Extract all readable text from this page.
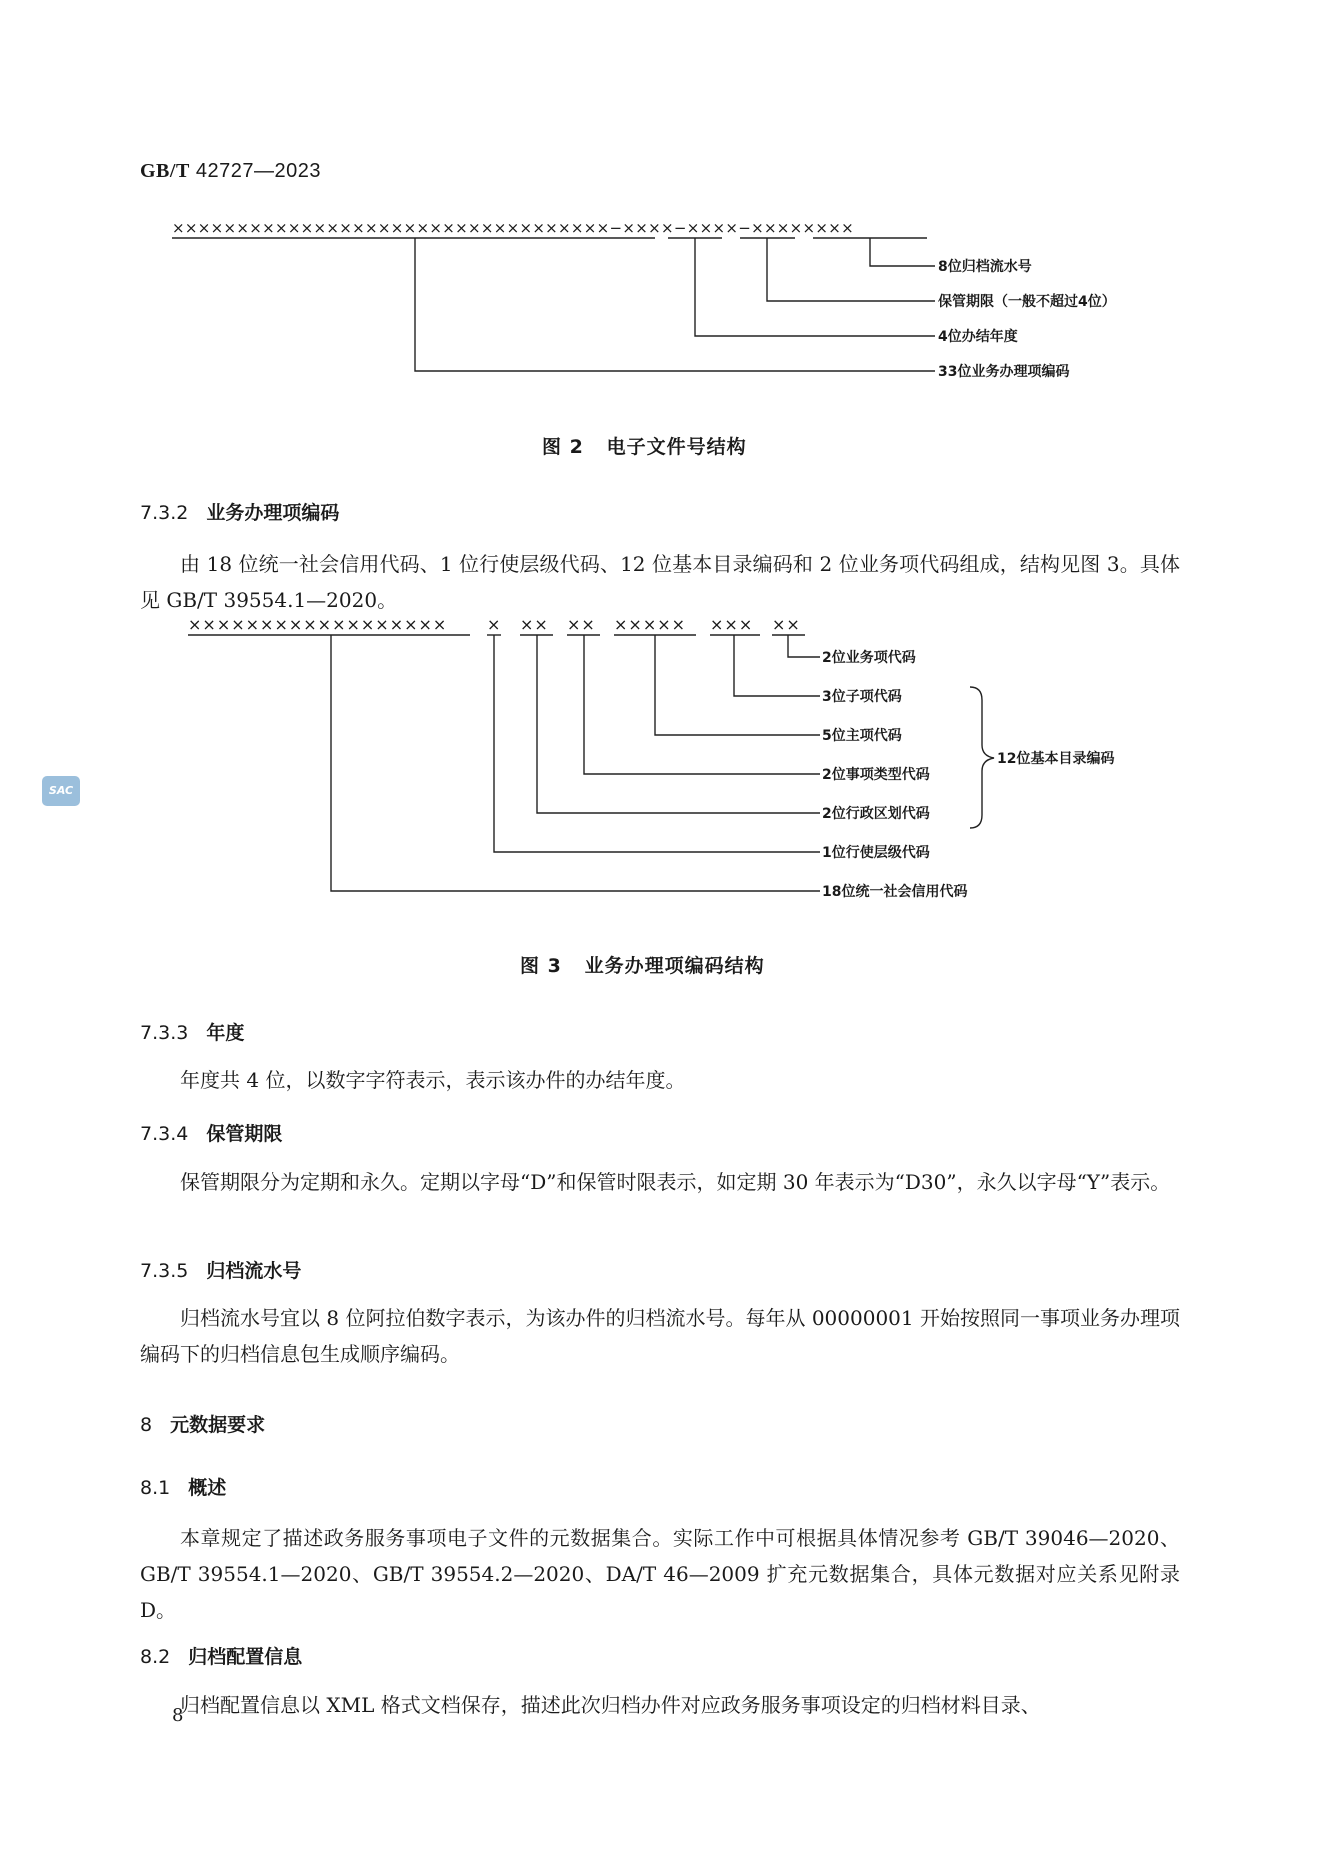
GB/T 42727—2023
××××××××××××××××××××××××××××××××××−××××−××××−××××××××
8位归档流水号
保管期限（一般不超过4位）
4位办结年度
33位业务办理项编码
图 2   电子文件号结构
7.3.2 业务办理项编码

由 18 位统一社会信用代码、1 位行使层级代码、12 位基本目录编码和 2 位业务项代码组成，结构见图 3。具体见 GB/T 39554.1—2020。

×××××××××××××××××× × ×× ×× ××××× ××× ××
2位业务项代码
3位子项代码
5位主项代码
2位事项类型代码
2位行政区划代码
1位行使层级代码
18位统一社会信用代码
12位基本目录编码
图 3   业务办理项编码结构
7.3.3 年度

年度共 4 位，以数字字符表示，表示该办件的办结年度。

7.3.4 保管期限

保管期限分为定期和永久。定期以字母“D”和保管时限表示，如定期 30 年表示为“D30”，永久以字母“Y”表示。

7.3.5 归档流水号

归档流水号宜以 8 位阿拉伯数字表示，为该办件的归档流水号。每年从 00000001 开始按照同一事项业务办理项编码下的归档信息包生成顺序编码。

8 元数据要求
8.1 概述

本章规定了描述政务服务事项电子文件的元数据集合。实际工作中可根据具体情况参考 GB/T 39046—2020、GB/T 39554.1—2020、GB/T 39554.2—2020、DA/T 46—2009 扩充元数据集合，具体元数据对应关系见附录 D。

8.2 归档配置信息

归档配置信息以 XML 格式文档保存，描述此次归档办件对应政务服务事项设定的归档材料目录、

8
SAC
